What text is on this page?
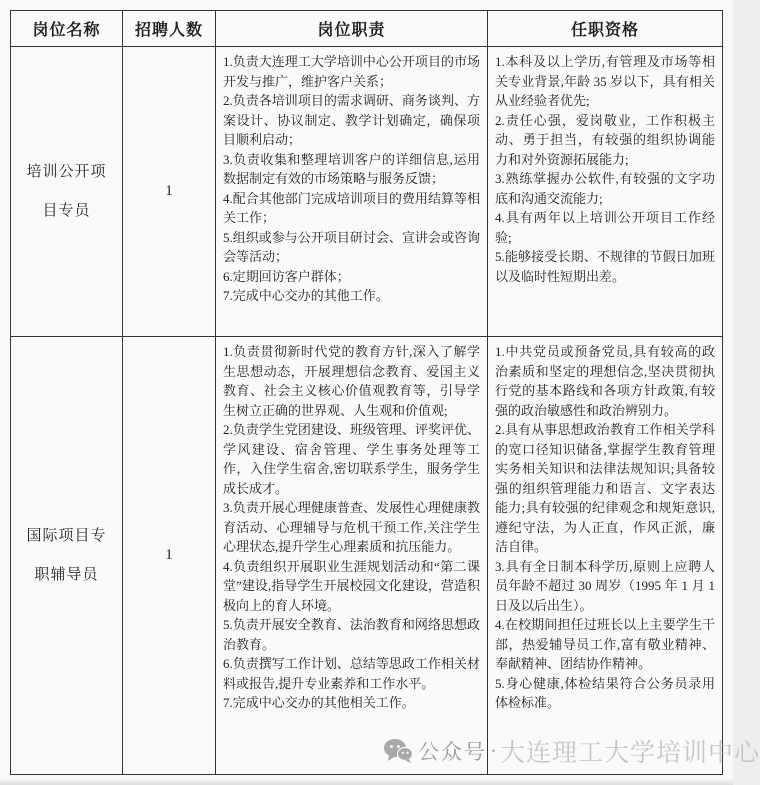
岗位名称	招聘人数	岗位职责	任职资格
培训公开项目专员	1	
1.负责大连理工大学培训中心公开项目的市场开发与推广，维护客户关系；
2.负责各培训项目的需求调研、商务谈判、方案设计、协议制定、教学计划确定，确保项目顺利启动；
3.负责收集和整理培训客户的详细信息,运用数据制定有效的市场策略与服务反馈；
4.配合其他部门完成培训项目的费用结算等相关工作；
5.组织或参与公开项目研讨会、宣讲会或咨询会等活动；
6.定期回访客户群体；
7.完成中心交办的其他工作。

1.本科及以上学历,有管理及市场等相关专业背景,年龄 35 岁以下，具有相关从业经验者优先;
2.责任心强，爱岗敬业，工作积极主动、勇于担当，有较强的组织协调能力和对外资源拓展能力;
3.熟练掌握办公软件,有较强的文字功底和沟通交流能力;
4.具有两年以上培训公开项目工作经验;
5.能够接受长期、不规律的节假日加班以及临时性短期出差。

国际项目专职辅导员	1	
1.负责贯彻新时代党的教育方针,深入了解学生思想动态，开展理想信念教育、爱国主义教育、社会主义核心价值观教育等，引导学生树立正确的世界观、人生观和价值观;
2.负责学生党团建设、班级管理、评奖评优、学风建设、宿舍管理、学生事务处理等工作，入住学生宿舍,密切联系学生，服务学生成长成才。
3.负责开展心理健康普查、发展性心理健康教育活动、心理辅导与危机干预工作,关注学生心理状态,提升学生心理素质和抗压能力。
4.负责组织开展职业生涯规划活动和“第二课堂”建设,指导学生开展校园文化建设，营造积极向上的育人环境。
5.负责开展安全教育、法治教育和网络思想政治教育。
6.负责撰写工作计划、总结等思政工作相关材料或报告,提升专业素养和工作水平。
7.完成中心交办的其他相关工作。

1.中共党员或预备党员,具有较高的政治素质和坚定的理想信念,坚决贯彻执行党的基本路线和各项方针政策,有较强的政治敏感性和政治辨别力。
2.具有从事思想政治教育工作相关学科的宽口径知识储备,掌握学生教育管理实务相关知识和法律法规知识;具备较强的组织管理能力和语言、文字表达能力;具有较强的纪律观念和规矩意识,遵纪守法，为人正直，作风正派，廉洁自律。
3.具有全日制本科学历,原则上应聘人员年龄不超过 30 周岁（1995 年 1 月 1 日及以后出生）。
4.在校期间担任过班长以上主要学生干部，热爱辅导员工作,富有敬业精神、奉献精神、团结协作精神。
5.身心健康,体检结果符合公务员录用体检标准。
公众号 · 大连理工大学培训中心
